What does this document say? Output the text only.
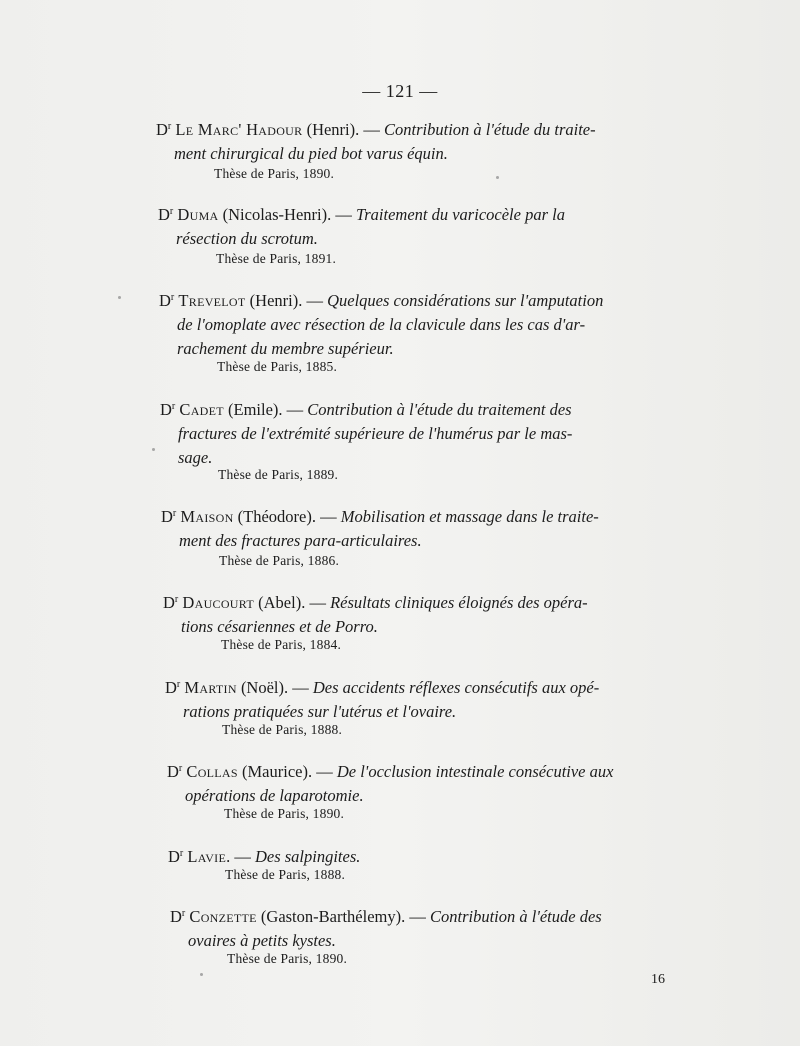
— 121 —
$D^r$ Le Marc' Hadour (Henri). — Contribution à l'étude du traite-
ment chirurgical du pied bot varus équin.
Thèse de Paris, 1890.
$D^r$ Duma (Nicolas-Henri). — Traitement du varicocèle par la
résection du scrotum.
Thèse de Paris, 1891.
$D^r$ Trevelot (Henri). — Quelques considérations sur l'amputation
de l'omoplate avec résection de la clavicule dans les cas d'ar-
rachement du membre supérieur.
Thèse de Paris, 1885.
$D^r$ Cadet (Emile). — Contribution à l'étude du traitement des
fractures de l'extrémité supérieure de l'humérus par le mas-
sage.
Thèse de Paris, 1889.
$D^r$ Maison (Théodore). — Mobilisation et massage dans le traite-
ment des fractures para-articulaires.
Thèse de Paris, 1886.
$D^r$ Daucourt (Abel). — Résultats cliniques éloignés des opéra-
tions césariennes et de Porro.
Thèse de Paris, 1884.
$D^r$ Martin (Noël). — Des accidents réflexes consécutifs aux opé-
rations pratiquées sur l'utérus et l'ovaire.
Thèse de Paris, 1888.
$D^r$ Collas (Maurice). — De l'occlusion intestinale consécutive aux
opérations de laparotomie.
Thèse de Paris, 1890.
$D^r$ Lavie. — Des salpingites.
Thèse de Paris, 1888.
$D^r$ Conzette (Gaston-Barthélemy). — Contribution à l'étude des
ovaires à petits kystes.
Thèse de Paris, 1890.
16
